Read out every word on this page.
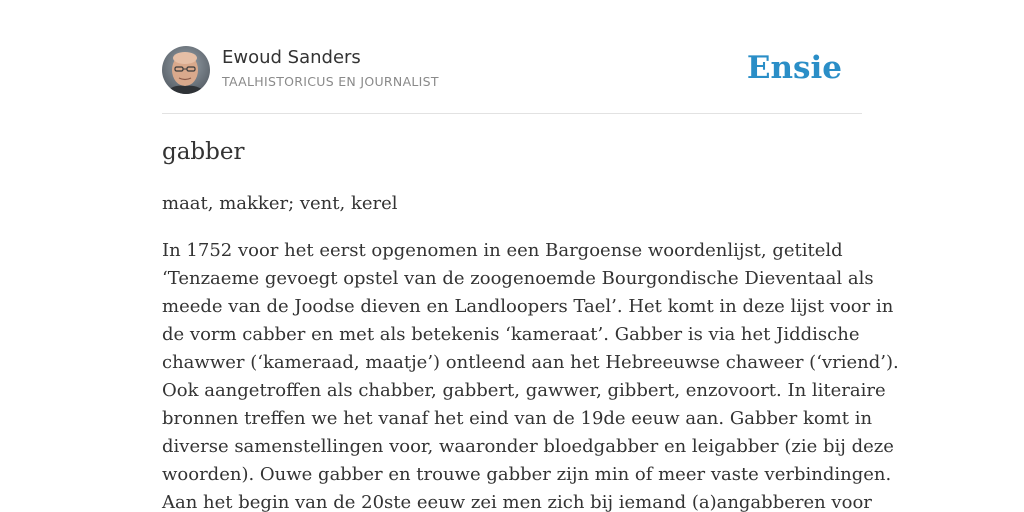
Ewoud Sanders
TAALHISTORICUS EN JOURNALIST	Ensie
gabber
maat, makker; vent, kerel
In 1752 voor het eerst opgenomen in een Bargoense woordenlijst, getiteld
‘Tenzaeme gevoegt opstel van de zoogenoemde Bourgondische Dieventaal als
meede van de Joodse dieven en Landloopers Tael’. Het komt in deze lijst voor in
de vorm cabber en met als betekenis ‘kameraat’. Gabber is via het Jiddische
chawwer (‘kameraad, maatje’) ontleend aan het Hebreeuwse chaweer (‘vriend’).
Ook aangetroffen als chabber, gabbert, gawwer, gibbert, enzovoort. In literaire
bronnen treffen we het vanaf het eind van de 19de eeuw aan. Gabber komt in
diverse samenstellingen voor, waaronder bloedgabber en leigabber (zie bij deze
woorden). Ouwe gabber en trouwe gabber zijn min of meer vaste verbindingen.
Aan het begin van de 20ste eeuw zei men zich bij iemand (a)angabberen voor
